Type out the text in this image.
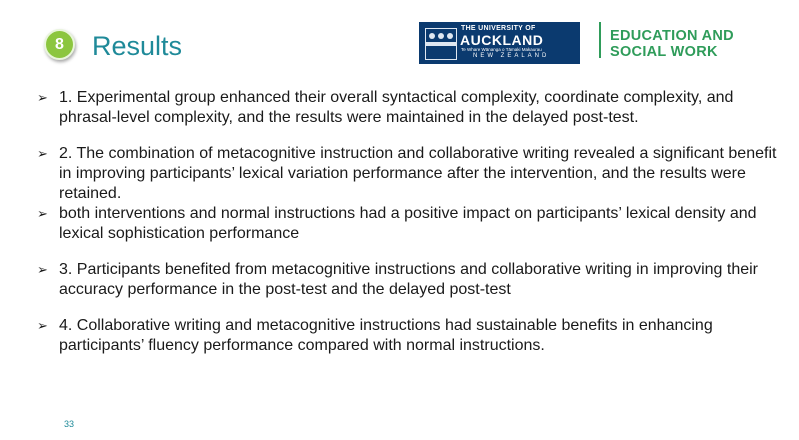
8	Results
THE UNIVERSITY OF
AUCKLAND
Te Whare Wānanga o Tāmaki Makaurau
NEW ZEALAND
EDUCATION AND
SOCIAL WORK
➢ 1. Experimental group enhanced their overall syntactical complexity, coordinate complexity, and phrasal-level complexity, and the results were maintained in the delayed post-test.
➢ 2. The combination of metacognitive instruction and collaborative writing revealed a significant benefit in improving participants’ lexical variation performance after the intervention, and the results were retained.
➢ both interventions and normal instructions had a positive impact on participants’ lexical density and lexical sophistication performance
➢ 3. Participants benefited from metacognitive instructions and collaborative writing in improving their accuracy performance in the post-test and the delayed post-test
➢ 4. Collaborative writing and metacognitive instructions had sustainable benefits in enhancing participants’ fluency performance compared with normal instructions.
33
